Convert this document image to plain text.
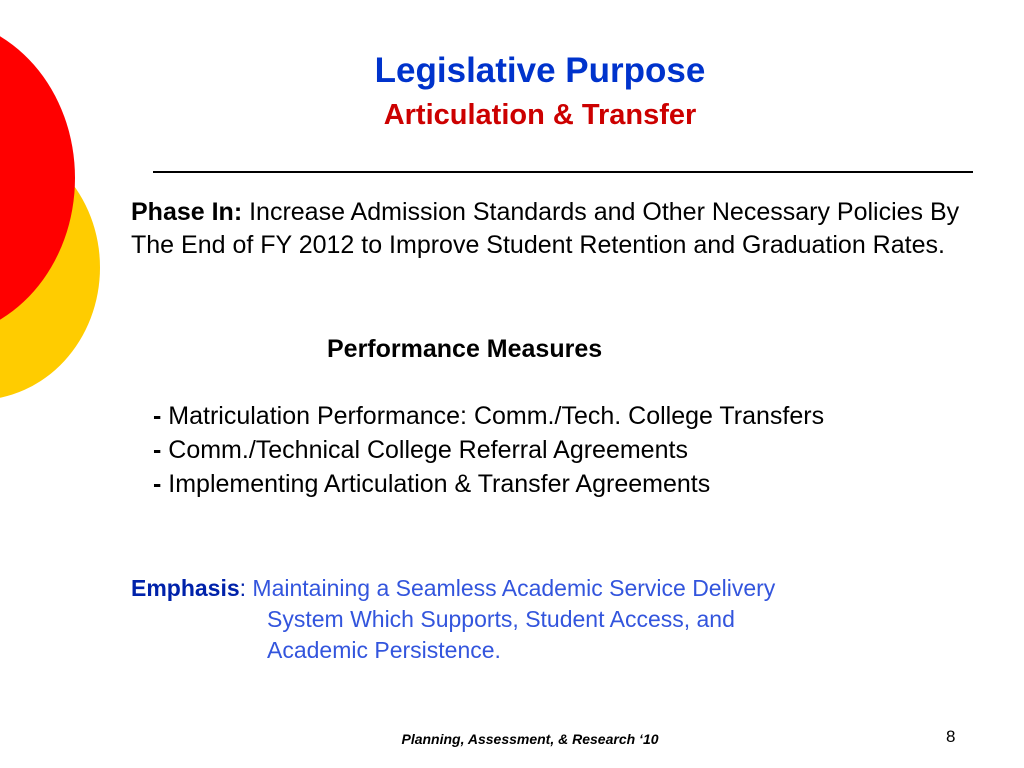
Legislative Purpose
Articulation & Transfer

Phase In: Increase Admission Standards and Other Necessary Policies By The End of FY 2012 to Improve Student Retention and Graduation Rates.

Performance Measures

- Matriculation Performance: Comm./Tech. College Transfers
- Comm./Technical College Referral Agreements
- Implementing Articulation & Transfer Agreements
Emphasis: Maintaining a Seamless Academic Service Delivery
System Which Supports, Student Access, and
Academic Persistence.
Planning, Assessment, & Research ‘10	8
